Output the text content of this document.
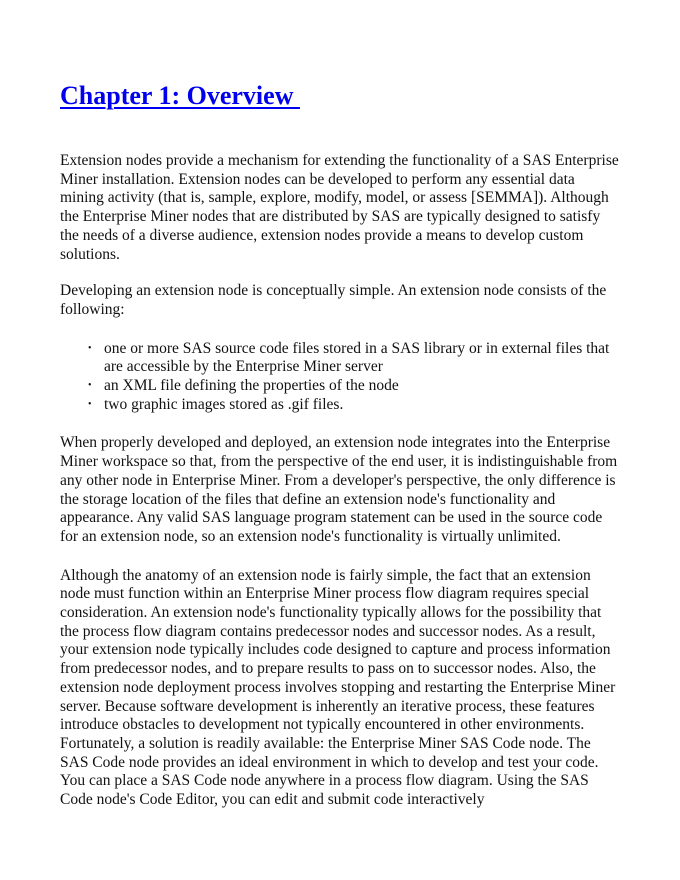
Chapter 1: Overview

Extension nodes provide a mechanism for extending the functionality of a SAS Enterprise Miner installation. Extension nodes can be developed to perform any essential data mining activity (that is, sample, explore, modify, model, or assess [SEMMA]). Although the Enterprise Miner nodes that are distributed by SAS are typically designed to satisfy the needs of a diverse audience, extension nodes provide a means to develop custom solutions.

Developing an extension node is conceptually simple. An extension node consists of the following:

• one or more SAS source code files stored in a SAS library or in external files that are accessible by the Enterprise Miner server
• an XML file defining the properties of the node
• two graphic images stored as .gif files.

When properly developed and deployed, an extension node integrates into the Enterprise Miner workspace so that, from the perspective of the end user, it is indistinguishable from any other node in Enterprise Miner. From a developer's perspective, the only difference is the storage location of the files that define an extension node's functionality and appearance. Any valid SAS language program statement can be used in the source code for an extension node, so an extension node's functionality is virtually unlimited.

Although the anatomy of an extension node is fairly simple, the fact that an extension node must function within an Enterprise Miner process flow diagram requires special consideration. An extension node's functionality typically allows for the possibility that the process flow diagram contains predecessor nodes and successor nodes. As a result, your extension node typically includes code designed to capture and process information from predecessor nodes, and to prepare results to pass on to successor nodes. Also, the extension node deployment process involves stopping and restarting the Enterprise Miner server. Because software development is inherently an iterative process, these features introduce obstacles to development not typically encountered in other environments. Fortunately, a solution is readily available: the Enterprise Miner SAS Code node. The SAS Code node provides an ideal environment in which to develop and test your code. You can place a SAS Code node anywhere in a process flow diagram. Using the SAS Code node's Code Editor, you can edit and submit code interactively
